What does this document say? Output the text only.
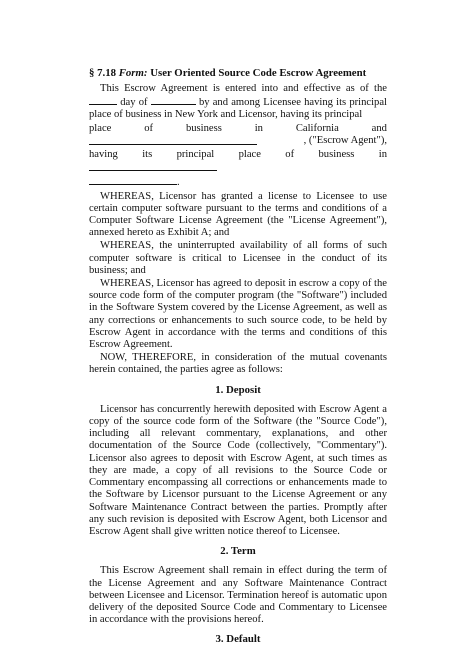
§ 7.18 Form: User Oriented Source Code Escrow Agreement

This Escrow Agreement is entered into and effective as of the  day of	by and among Licensee having its principal place of business in New York and Licensor, having its principal

place	of	business	in	California	and
, ("Escrow Agent"),
having its principal place of business in
.

WHEREAS, Licensor has granted a license to Licensee to use certain computer software pursuant to the terms and conditions of a Computer Software License Agreement (the "License Agreement"), annexed hereto as Exhibit A; and

WHEREAS, the uninterrupted availability of all forms of such computer software is critical to Licensee in the conduct of its business; and

WHEREAS, Licensor has agreed to deposit in escrow a copy of the source code form of the computer program (the "Software") included in the Software System covered by the License Agreement, as well as any corrections or enhancements to such source code, to be held by Escrow Agent in accordance with the terms and conditions of this Escrow Agreement.

NOW, THEREFORE, in consideration of the mutual covenants herein contained, the parties agree as follows:

1. Deposit

Licensor has concurrently herewith deposited with Escrow Agent a copy of the source code form of the Software (the "Source Code"), including all relevant commentary, explanations, and other documentation of the Source Code (collectively, "Commentary"). Licensor also agrees to deposit with Escrow Agent, at such times as they are made, a copy of all revisions to the Source Code or Commentary encompassing all corrections or enhancements made to the Software by Licensor pursuant to the License Agreement or any Software Maintenance Contract between the parties. Promptly after any such revision is deposited with Escrow Agent, both Licensor and Escrow Agent shall give written notice thereof to Licensee.

2. Term

This Escrow Agreement shall remain in effect during the term of the License Agreement and any Software Maintenance Contract between Licensee and Licensor. Termination hereof is automatic upon delivery of the deposited Source Code and Commentary to Licensee in accordance with the provisions hereof.

3. Default
